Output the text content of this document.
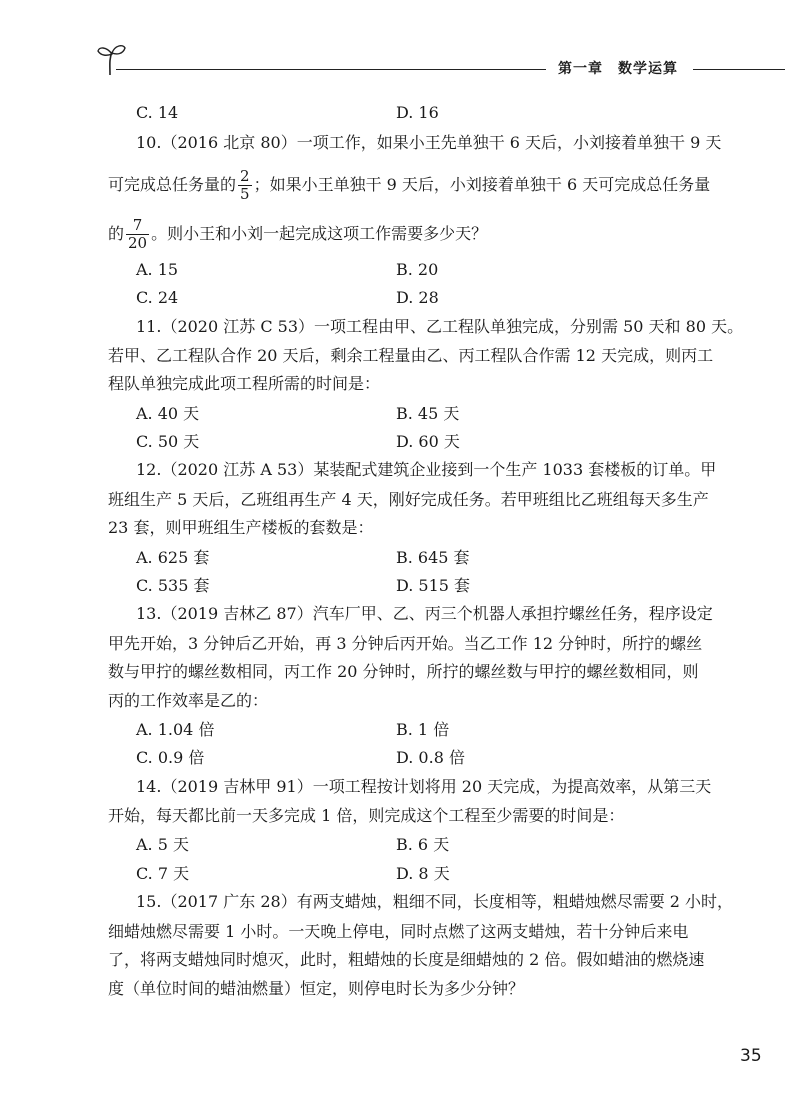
第一章　数学运算
C. 14	D. 16
10.（2016 北京 80）一项工作，如果小王先单独干 6 天后，小刘接着单独干 9 天
可完成总任务量的 $\frac{2}{5}$ ；如果小王单独干 9 天后，小刘接着单独干 6 天可完成总任务量
的 $\frac{7}{20}$ 。则小王和小刘一起完成这项工作需要多少天？
A. 15	B. 20
C. 24	D. 28
11.（2020 江苏 C 53）一项工程由甲、乙工程队单独完成，分别需 50 天和 80 天。
若甲、乙工程队合作 20 天后，剩余工程量由乙、丙工程队合作需 12 天完成，则丙工
程队单独完成此项工程所需的时间是：
A. 40 天	B. 45 天
C. 50 天	D. 60 天
12.（2020 江苏 A 53）某装配式建筑企业接到一个生产 1033 套楼板的订单。甲
班组生产 5 天后，乙班组再生产 4 天，刚好完成任务。若甲班组比乙班组每天多生产
23 套，则甲班组生产楼板的套数是：
A. 625 套	B. 645 套
C. 535 套	D. 515 套
13.（2019 吉林乙 87）汽车厂甲、乙、丙三个机器人承担拧螺丝任务，程序设定
甲先开始，3 分钟后乙开始，再 3 分钟后丙开始。当乙工作 12 分钟时，所拧的螺丝
数与甲拧的螺丝数相同，丙工作 20 分钟时，所拧的螺丝数与甲拧的螺丝数相同，则
丙的工作效率是乙的：
A. 1.04 倍	B. 1 倍
C. 0.9 倍	D. 0.8 倍
14.（2019 吉林甲 91）一项工程按计划将用 20 天完成，为提高效率，从第三天
开始，每天都比前一天多完成 1 倍，则完成这个工程至少需要的时间是：
A. 5 天	B. 6 天
C. 7 天	D. 8 天
15.（2017 广东 28）有两支蜡烛，粗细不同，长度相等，粗蜡烛燃尽需要 2 小时，
细蜡烛燃尽需要 1 小时。一天晚上停电，同时点燃了这两支蜡烛，若十分钟后来电
了，将两支蜡烛同时熄灭，此时，粗蜡烛的长度是细蜡烛的 2 倍。假如蜡油的燃烧速
度（单位时间的蜡油燃量）恒定，则停电时长为多少分钟？
35
